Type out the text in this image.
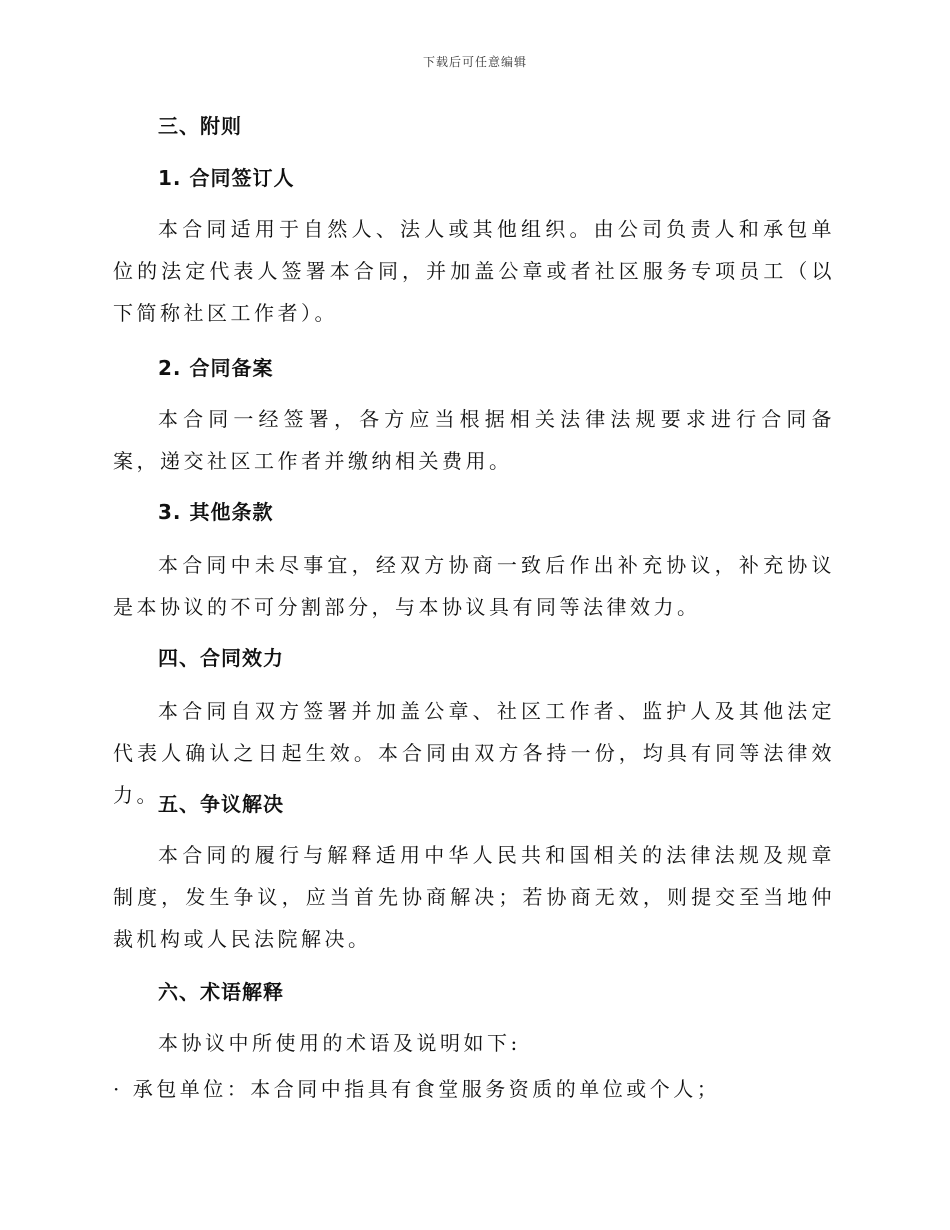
下载后可任意编辑
三、附则
1. 合同签订人

本合同适用于自然人、法人或其他组织。由公司负责人和承包单位的法定代表人签署本合同，并加盖公章或者社区服务专项员工（以下简称社区工作者）。

2. 合同备案

本合同一经签署，各方应当根据相关法律法规要求进行合同备案，递交社区工作者并缴纳相关费用。

3. 其他条款

本合同中未尽事宜，经双方协商一致后作出补充协议，补充协议是本协议的不可分割部分，与本协议具有同等法律效力。

四、合同效力

本合同自双方签署并加盖公章、社区工作者、监护人及其他法定代表人确认之日起生效。本合同由双方各持一份，均具有同等法律效力。

五、争议解决

本合同的履行与解释适用中华人民共和国相关的法律法规及规章制度，发生争议，应当首先协商解决；若协商无效，则提交至当地仲裁机构或人民法院解决。

六、术语解释

本协议中所使用的术语及说明如下:

· 承包单位：本合同中指具有食堂服务资质的单位或个人；
